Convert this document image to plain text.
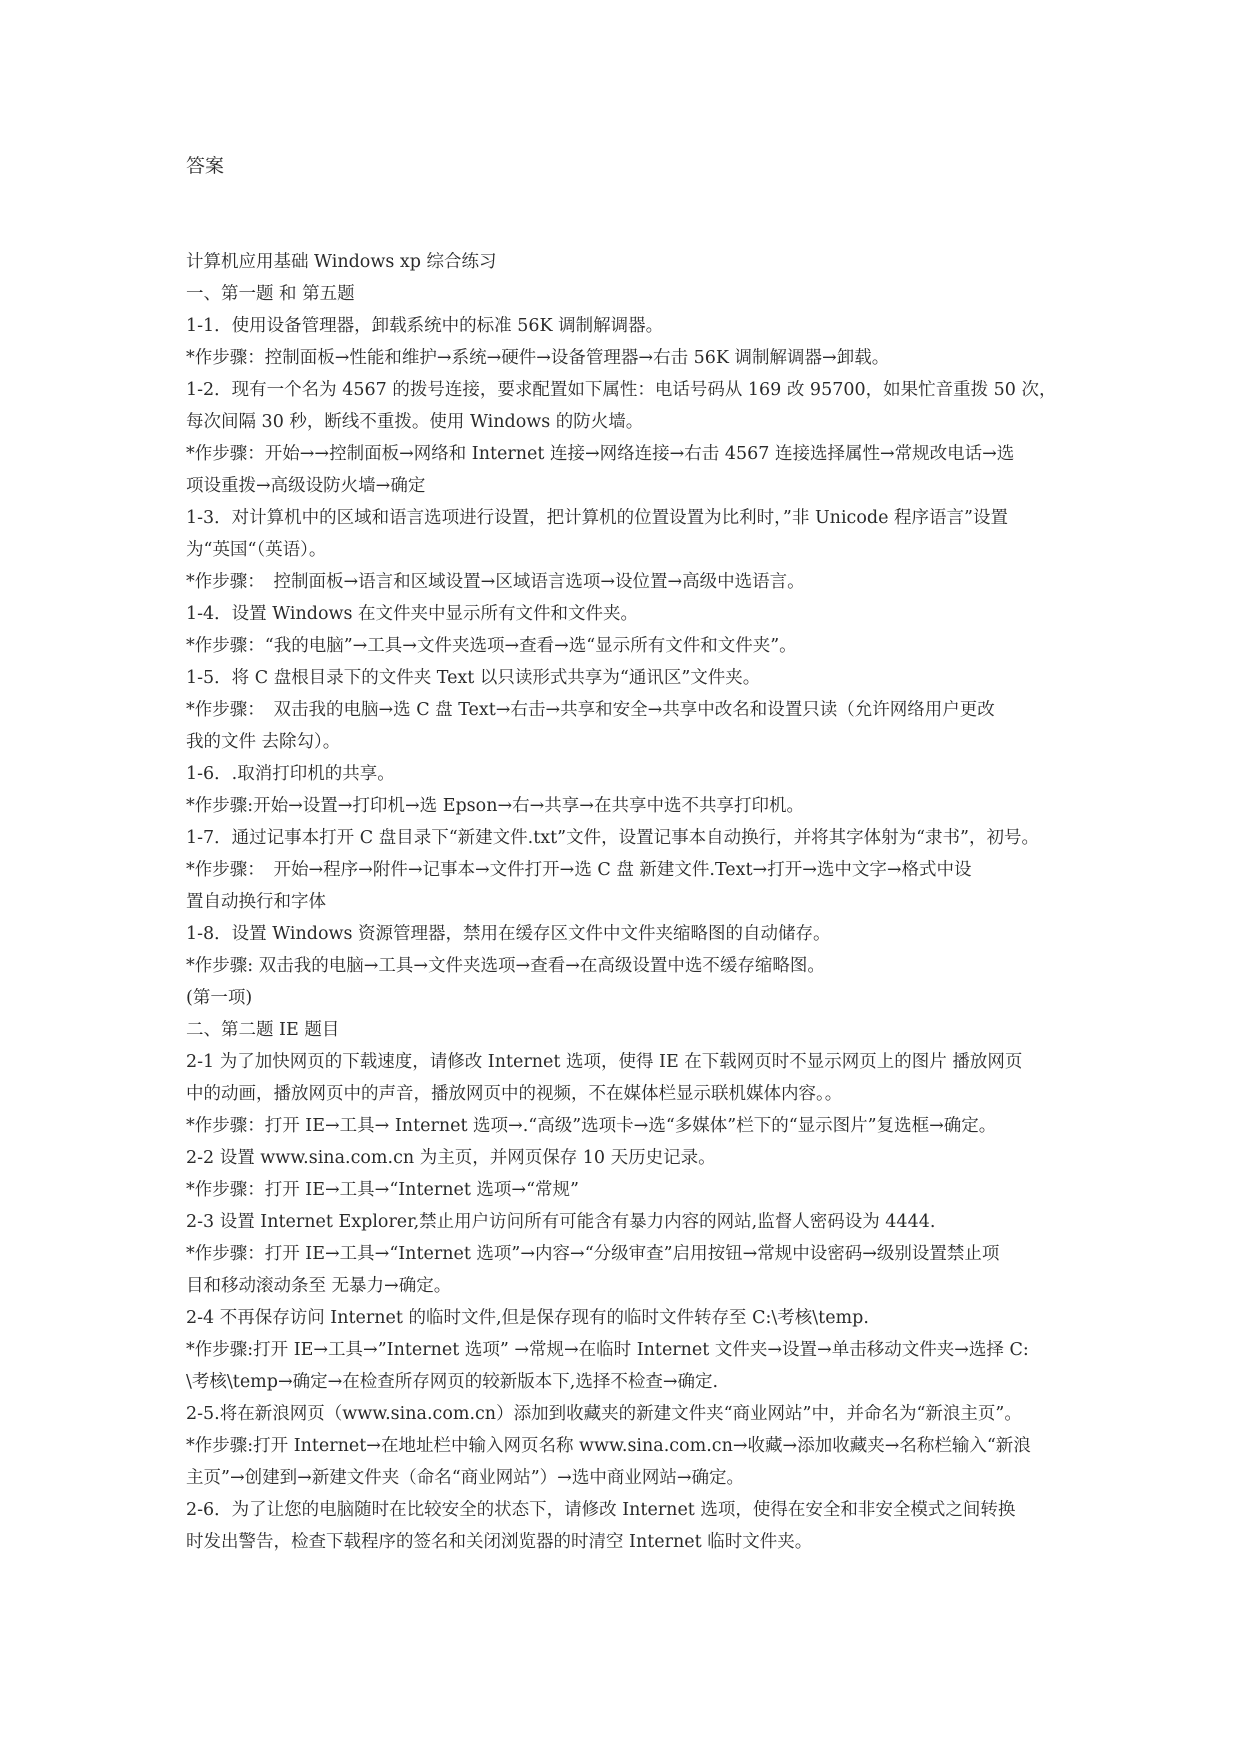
答案
计算机应用基础 Windows xp 综合练习
一、第一题 和 第五题
1-1．使用设备管理器，卸载系统中的标准 56K 调制解调器。
*作步骤：控制面板→性能和维护→系统→硬件→设备管理器→右击 56K 调制解调器→卸载。
1-2．现有一个名为 4567 的拨号连接，要求配置如下属性：电话号码从 169 改 95700，如果忙音重拨 50 次，
每次间隔 30 秒，断线不重拨。使用 Windows 的防火墙。
*作步骤：开始→→控制面板→网络和 Internet 连接→网络连接→右击 4567 连接选择属性→常规改电话→选
项设重拨→高级设防火墙→确定
1-3．对计算机中的区域和语言选项进行设置，把计算机的位置设置为比利时，”非 Unicode 程序语言”设置
为“英国“（英语）。
*作步骤：　控制面板→语言和区域设置→区域语言选项→设位置→高级中选语言。
1-4．设置 Windows 在文件夹中显示所有文件和文件夹。
*作步骤：“我的电脑”→工具→文件夹选项→查看→选“显示所有文件和文件夹”。
1-5．将 C 盘根目录下的文件夹 Text 以只读形式共享为“通讯区”文件夹。
*作步骤：　双击我的电脑→选 C 盘 Text→右击→共享和安全→共享中改名和设置只读（允许网络用户更改
我的文件 去除勾）。
1-6．.取消打印机的共享。
*作步骤:开始→设置→打印机→选 Epson→右→共享→在共享中选不共享打印机。
1-7．通过记事本打开 C 盘目录下“新建文件.txt”文件，设置记事本自动换行，并将其字体射为“隶书”，初号。
*作步骤：　开始→程序→附件→记事本→文件打开→选 C 盘 新建文件.Text→打开→选中文字→格式中设
置自动换行和字体
1-8．设置 Windows 资源管理器，禁用在缓存区文件中文件夹缩略图的自动储存。
*作步骤: 双击我的电脑→工具→文件夹选项→查看→在高级设置中选不缓存缩略图。
(第一项)
二、第二题 IE 题目
2-1 为了加快网页的下载速度，请修改 Internet 选项，使得 IE 在下载网页时不显示网页上的图片 播放网页
中的动画，播放网页中的声音，播放网页中的视频，不在媒体栏显示联机媒体内容。。
*作步骤：打开 IE→工具→ Internet 选项→.“高级”选项卡→选“多媒体”栏下的“显示图片”复选框→确定。
2-2 设置 www.sina.com.cn 为主页，并网页保存 10 天历史记录。
*作步骤：打开 IE→工具→“Internet 选项→“常规”
2-3 设置 Internet Explorer,禁止用户访问所有可能含有暴力内容的网站,监督人密码设为 4444.
*作步骤：打开 IE→工具→“Internet 选项”→内容→“分级审查”启用按钮→常规中设密码→级别设置禁止项
目和移动滚动条至 无暴力→确定。
2-4 不再保存访问 Internet 的临时文件,但是保存现有的临时文件转存至 C:\考核\temp.
*作步骤:打开 IE→工具→”Internet 选项” →常规→在临时 Internet 文件夹→设置→单击移动文件夹→选择 C:
\考核\temp→确定→在检查所存网页的较新版本下,选择不检查→确定.
2-5.将在新浪网页（www.sina.com.cn）添加到收藏夹的新建文件夹“商业网站”中，并命名为“新浪主页”。
*作步骤:打开 Internet→在地址栏中输入网页名称 www.sina.com.cn→收藏→添加收藏夹→名称栏输入“新浪
主页”→创建到→新建文件夹（命名“商业网站”）→选中商业网站→确定。
2-6．为了让您的电脑随时在比较安全的状态下，请修改 Internet 选项，使得在安全和非安全模式之间转换
时发出警告，检查下载程序的签名和关闭浏览器的时清空 Internet 临时文件夹。
